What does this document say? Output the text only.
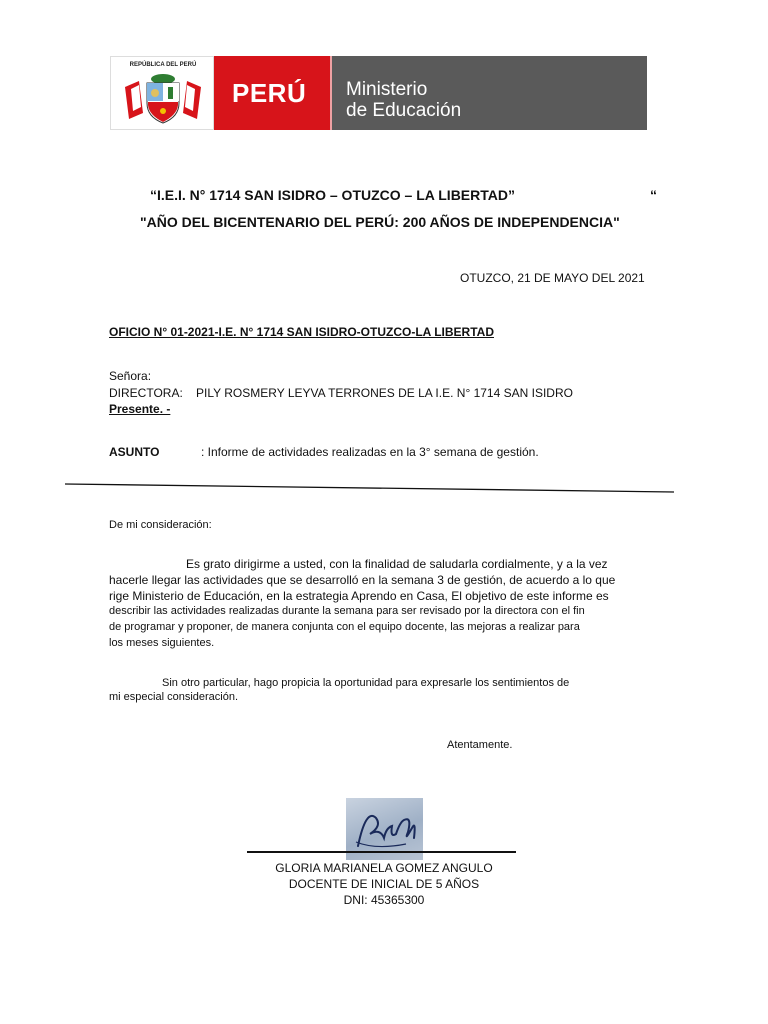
REPÚBLICA DEL PERÚ
PERÚ Ministerio
de Educación
“I.E.I. N° 1714 SAN ISIDRO – OTUZCO – LA LIBERTAD”	“
"AÑO DEL BICENTENARIO DEL PERÚ: 200 AÑOS DE INDEPENDENCIA"
OTUZCO, 21 DE MAYO DEL 2021
OFICIO N° 01-2021-I.E. N° 1714 SAN ISIDRO-OTUZCO-LA LIBERTAD
Señora:
DIRECTORA: PILY ROSMERY LEYVA TERRONES DE LA I.E. N° 1714 SAN ISIDRO
Presente. -
ASUNTO	: Informe de actividades realizadas en la 3° semana de gestión.
De mi consideración:
Es grato dirigirme a usted, con la finalidad de saludarla cordialmente, y a la vez
hacerle llegar las actividades que se desarrolló en la semana 3 de gestión, de acuerdo a lo que
rige Ministerio de Educación, en la estrategia Aprendo en Casa, El objetivo de este informe es
describir las actividades realizadas durante la semana para ser revisado por la directora con el fin
de programar y proponer, de manera conjunta con el equipo docente, las mejoras a realizar para
los meses siguientes.
Sin otro particular, hago propicia la oportunidad para expresarle los sentimientos de
mi especial consideración.
Atentamente.
GLORIA MARIANELA GOMEZ ANGULO
DOCENTE DE INICIAL DE 5 AÑOS
DNI: 45365300
